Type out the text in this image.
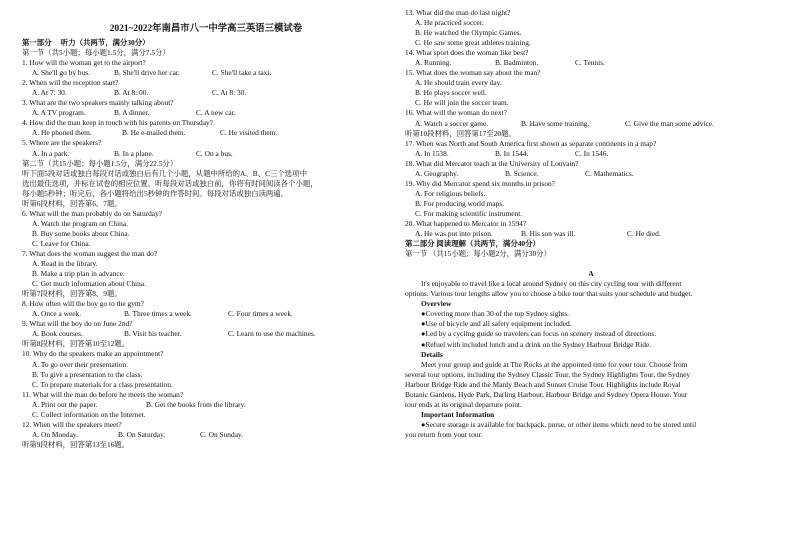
2021~2022年南昌市八一中学高三英语三模试卷
第一部分　 听力（共两节，满分30分）
第一节（共5小题；每小题1.5分，满分7.5分）
1. How will the woman get to the airport?
A. She'll go by bus.	B. She'll drive her car.	C. She'll take a taxi.
2. When will the reception start?
A. At 7: 30.	B. At 8: 00.	C. At 8: 30.
3. What are the two speakers mainly talking about?
A. A TV program.	B. A dinner.	C. A new car.
4. How did the man keep in touch with his parents on Thursday?
A. He phoned them.	B. He e-mailed them.	C. He visited them.
5. Where are the speakers?
A. In a park.	B. In a plane.	C. On a bus.
第二节（共15小题；每小题1.5分，满分22.5分）
听下面5段对话或独白每段对话或独白后有几个小题，从题中所给的A、B、C三个选项中
选出最佳选项，并标在试卷的相应位置。听每段对话或独白前，你将有时间阅读各个小题，
每小题5秒钟；听完后，各小题将给出5秒钟的作答时间。每段对话或独白读两遍。
听第6段材料，回答第6、7题。
6. What will the man probably do on Saturday?
A. Watch the program on China.
B. Buy some books about China.
C. Leave for China.
7. What does the woman suggest the man do?
A. Read in the library.
B. Make a trip plan in advance.
C. Get much information about China.
听第7段材料，回答第8、9题。
8. How often will the boy go to the gym?
A. Once a week.	B. Three times a week.	C. Four times a week.
9. What will the boy do on June 2nd?
A. Book courses.	B. Visit his teacher.	C. Learn to use the machines.
听第8段材料，回答第10至12题。
10. Why do the speakers make an appointment?
A. To go over their presentation.
B. To give a presentation to the class.
C. To prepare materials for a class presentation.
11. What will the man do before he meets the woman?
A. Print out the paper.	B. Get the books from the library.
C. Collect information on the Internet.
12. When will the speakers meet?
A. On Monday.	B. On Saturday.	C. On Sunday.
听第9段材料，回答第13至16题。
13. What did the man do last night?
A. He practiced soccer.
B. He watched the Olympic Games.
C. He saw some great athletes training.
14. What sport does the woman like best?
A. Running.	B. Badminton.	C. Tennis.
15. What does the woman say about the man?
A. He should train every day.
B. He plays soccer well.
C. He will join the soccer team.
16. What will the woman do next?
A. Watch a soccer game.	B. Have some training.	C. Give the man some advice.
听第10段材料，回答第17至20题。
17. When was North and South America first shown as separate continents in a map?
A. In 1538.	B. In 1544.	C. In 1546.
18. What did Mercator teach at the University of Louvain?
A. Geography.	B. Science.	C. Mathematics.
19. Why did Mercator spend six months in prison?
A. For religious beliefs.
B. For producing world maps.
C. For making scientific instrument.
20. What happened to Mercator in 1594?
A. He was put into prison.	B. His son was ill.	C. He died.
第二部分 阅读理解（共两节，满分40分）
第一节 （共15小题；每小题2分，满分30分）
A
It's enjoyable to travel like a local around Sydney on this city cycling tour with different
options. Various tour lengths allow you to choose a bike tour that suits your schedule and budget.
Overview
●Covering more than 30 of the top Sydney sights.
●Use of bicycle and all safety equipment included.
●Led by a cycling guide so travelers can focus on scenery instead of directions.
●Refuel with included lunch and a drink on the Sydney Harbour Bridge Ride.
Details
Meet your group and guide at The Rocks at the appointed time for your tour. Choose from
several tour options, including the Sydney Classic Tour, the Sydney Highlights Tour, the Sydney
Harbour Bridge Ride and the Manly Beach and Sunset Cruise Tour. Highlights include Royal
Botanic Gardens, Hyde Park, Darling Harbour, Harbour Bridge and Sydney Opera House. Your
tour ends at its original departure point.
Important Information
●Secure storage is available for backpack, purse, or other items which need to be stored until
you return from your tour.
